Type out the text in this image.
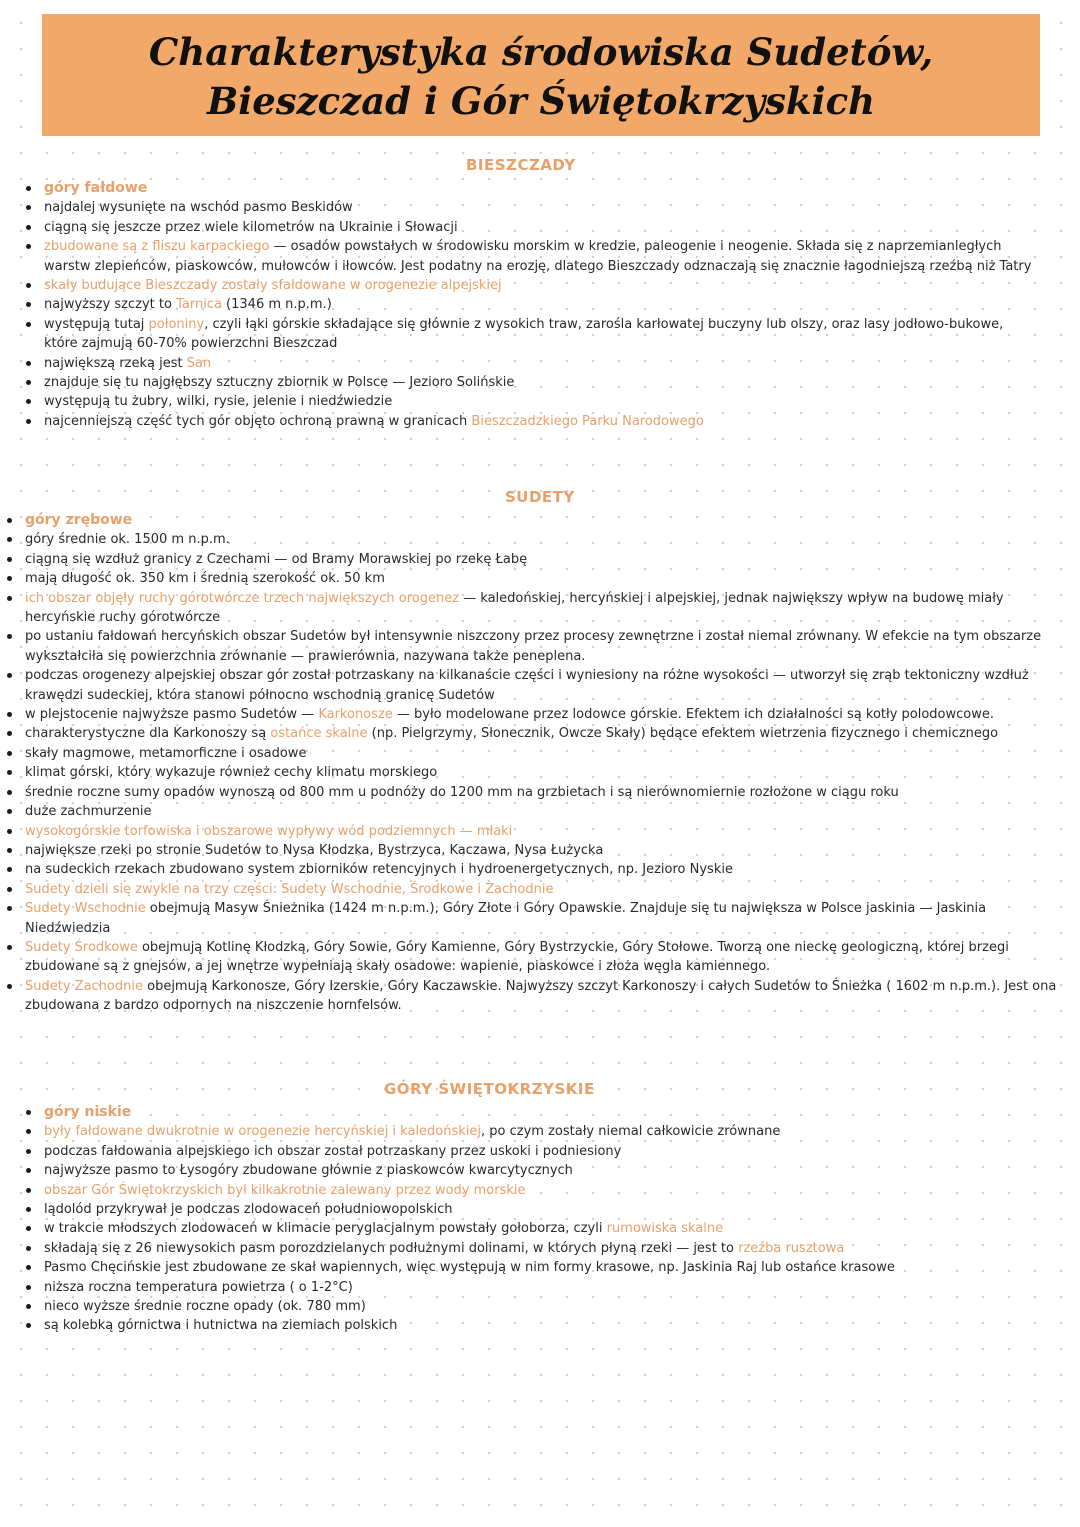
Charakterystyka środowiska Sudetów, Bieszczad i Gór Świętokrzyskich
BIESZCZADY
góry fałdowe
najdalej wysunięte na wschód pasmo Beskidów
ciągną się jeszcze przez wiele kilometrów na Ukrainie i Słowacji
zbudowane są z fliszu karpackiego — osadów powstałych w środowisku morskim w kredzie, paleogenie i neogenie. Składa się z naprzemianległych warstw zlepieńców, piaskowców, mułowców i iłowców. Jest podatny na erozję, dlatego Bieszczady odznaczają się znacznie łagodniejszą rzeźbą niż Tatry
skały budujące Bieszczady zostały sfałdowane w orogenezie alpejskiej
najwyższy szczyt to Tarnica (1346 m n.p.m.)
występują tutaj połoniny, czyli łąki górskie składające się głównie z wysokich traw, zarośla karłowatej buczyny lub olszy, oraz lasy jodłowo-bukowe, które zajmują 60-70% powierzchni Bieszczad
największą rzeką jest San
znajduje się tu najgłębszy sztuczny zbiornik w Polsce — Jezioro Solińskie
występują tu żubry, wilki, rysie, jelenie i niedźwiedzie
najcenniejszą część tych gór objęto ochroną prawną w granicach Bieszczadzkiego Parku Narodowego
SUDETY
góry zrębowe
góry średnie ok. 1500 m n.p.m.
ciągną się wzdłuż granicy z Czechami — od Bramy Morawskiej po rzekę Łabę
mają długość ok. 350 km i średnią szerokość ok. 50 km
ich obszar objęły ruchy górotwórcze trzech największych orogenez — kaledońskiej, hercyńskiej i alpejskiej, jednak największy wpływ na budowę miały hercyńskie ruchy górotwórcze
po ustaniu fałdowań hercyńskich obszar Sudetów był intensywnie niszczony przez procesy zewnętrzne i został niemal zrównany. W efekcie na tym obszarze wykształciła się powierzchnia zrównanie — prawierównia, nazywana także peneplena.
podczas orogenezy alpejskiej obszar gór został potrzaskany na kilkanaście części i wyniesiony na różne wysokości — utworzył się zrąb tektoniczny wzdłuż krawędzi sudeckiej, która stanowi północno wschodnią granicę Sudetów
w plejstocenie najwyższe pasmo Sudetów — Karkonosze — było modelowane przez lodowce górskie. Efektem ich działalności są kotły polodowcowe.
charakterystyczne dla Karkonoszy są ostańce skalne (np. Pielgrzymy, Słonecznik, Owcze Skały) będące efektem wietrzenia fizycznego i chemicznego
skały magmowe, metamorficzne i osadowe
klimat górski, który wykazuje również cechy klimatu morskiego
średnie roczne sumy opadów wynoszą od 800 mm u podnóży do 1200 mm na grzbietach i są nierównomiernie rozłożone w ciągu roku
duże zachmurzenie
wysokogórskie torfowiska i obszarowe wypływy wód podziemnych — młaki
największe rzeki po stronie Sudetów to Nysa Kłodzka, Bystrzyca, Kaczawa, Nysa Łużycka
na sudeckich rzekach zbudowano system zbiorników retencyjnych i hydroenergetycznych, np. Jezioro Nyskie
Sudety dzieli się zwykle na trzy części: Sudety Wschodnie, Środkowe i Zachodnie
Sudety Wschodnie obejmują Masyw Śnieżnika (1424 m n.p.m.), Góry Złote i Góry Opawskie. Znajduje się tu największa w Polsce jaskinia — Jaskinia Niedźwiedzia
Sudety Środkowe obejmują Kotlinę Kłodzką, Góry Sowie, Góry Kamienne, Góry Bystrzyckie, Góry Stołowe. Tworzą one nieckę geologiczną, której brzegi zbudowane są z gnejsów, a jej wnętrze wypełniają skały osadowe: wapienie, piaskowce i złoża węgla kamiennego.
Sudety Zachodnie obejmują Karkonosze, Góry Izerskie, Góry Kaczawskie. Najwyższy szczyt Karkonoszy i całych Sudetów to Śnieżka ( 1602 m n.p.m.). Jest ona zbudowana z bardzo odpornych na niszczenie hornfelsów.
GÓRY ŚWIĘTOKRZYSKIE
góry niskie
były fałdowane dwukrotnie w orogenezie hercyńskiej i kaledońskiej, po czym zostały niemal całkowicie zrównane
podczas fałdowania alpejskiego ich obszar został potrzaskany przez uskoki i podniesiony
najwyższe pasmo to Łysogóry zbudowane głównie z piaskowców kwarcytycznych
obszar Gór Świętokrzyskich był kilkakrotnie zalewany przez wody morskie
lądolód przykrywał je podczas zlodowaceń południowopolskich
w trakcie młodszych zlodowaceń w klimacie peryglacjalnym powstały gołoborza, czyli rumowiska skalne
składają się z 26 niewysokich pasm porozdzielanych podłużnymi dolinami, w których płyną rzeki — jest to rzeźba rusztowa
Pasmo Chęcińskie jest zbudowane ze skał wapiennych, więc występują w nim formy krasowe, np. Jaskinia Raj lub ostańce krasowe
niższa roczna temperatura powietrza ( o 1-2°C)
nieco wyższe średnie roczne opady (ok. 780 mm)
są kolebką górnictwa i hutnictwa na ziemiach polskich
